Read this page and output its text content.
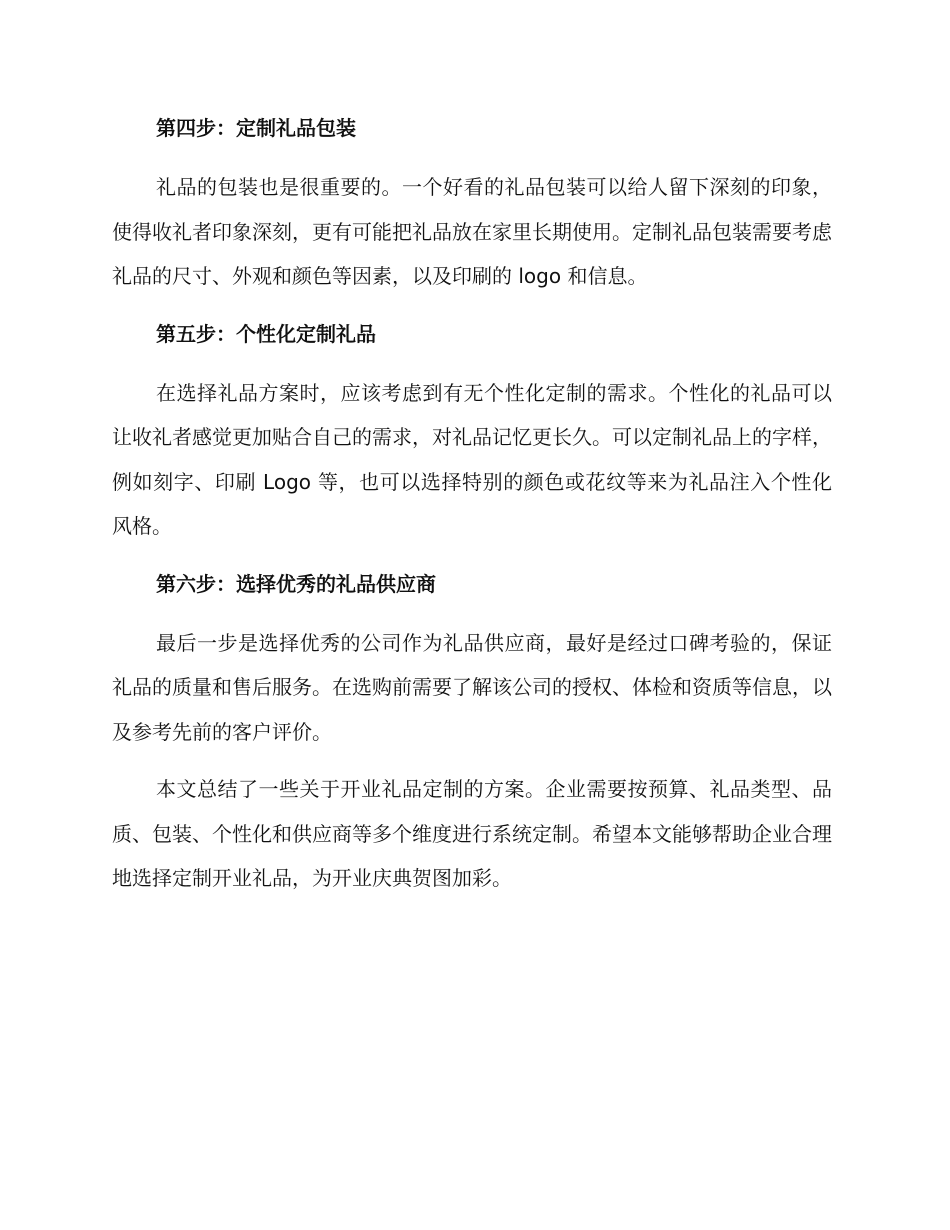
第四步：定制礼品包装

礼品的包装也是很重要的。一个好看的礼品包装可以给人留下深刻的印象，使得收礼者印象深刻，更有可能把礼品放在家里长期使用。定制礼品包装需要考虑礼品的尺寸、外观和颜色等因素，以及印刷的 logo 和信息。

第五步：个性化定制礼品

在选择礼品方案时，应该考虑到有无个性化定制的需求。个性化的礼品可以让收礼者感觉更加贴合自己的需求，对礼品记忆更长久。可以定制礼品上的字样，例如刻字、印刷 Logo 等，也可以选择特别的颜色或花纹等来为礼品注入个性化风格。

第六步：选择优秀的礼品供应商

最后一步是选择优秀的公司作为礼品供应商，最好是经过口碑考验的，保证礼品的质量和售后服务。在选购前需要了解该公司的授权、体检和资质等信息，以及参考先前的客户评价。

本文总结了一些关于开业礼品定制的方案。企业需要按预算、礼品类型、品质、包装、个性化和供应商等多个维度进行系统定制。希望本文能够帮助企业合理地选择定制开业礼品，为开业庆典贺图加彩。
